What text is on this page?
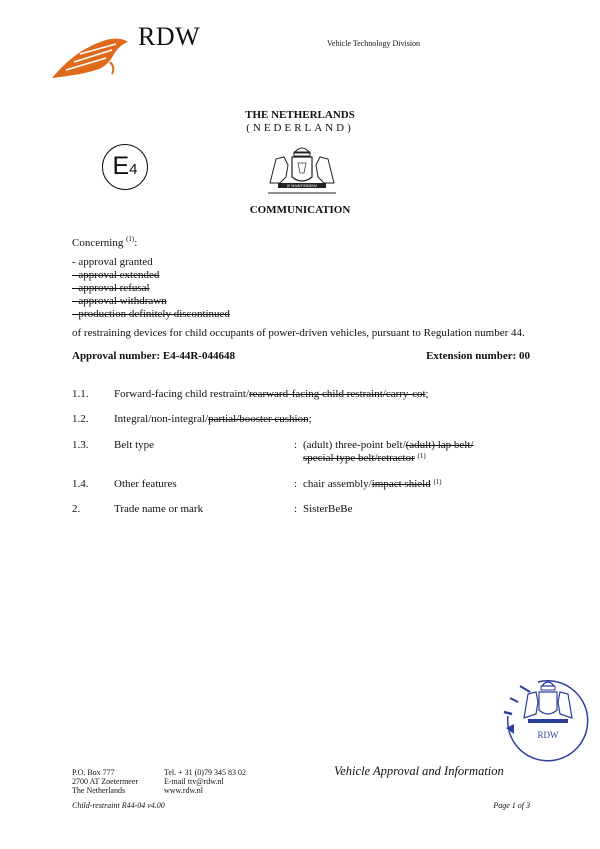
RDW	Vehicle Technology Division
THE NETHERLANDS
(NEDERLAND)
E4
JE MAINTIENDRAI
COMMUNICATION
Concerning $^{(1)}$:
- approval granted
- approval extended
- approval refusal
- approval withdrawn
- production definitely discontinued
of restraining devices for child occupants of power-driven vehicles, pursuant to Regulation number 44.
Approval number: E4-44R-044648	Extension number: 00
1.1. Forward-facing child restraint/rearward-facing child restraint/carry-cot;
1.2. Integral/non-integral/partial/booster cushion;
1.3. Belt type	: (adult) three-point belt/(adult) lap belt/
special type belt/retractor $^{(1)}$
1.4. Other features	: chair assembly/impact shield $^{(1)}$
2.	Trade name or mark	: SisterBeBe
RDW
P.O. Box 777
2700 AT Zoetermeer
The Netherlands
Tel. + 31 (0)79 345 83 02
E-mail ttv@rdw.nl
www.rdw.nl
Vehicle Approval and Information
Child-restraint R44-04 v4.00	Page 1 of 3
